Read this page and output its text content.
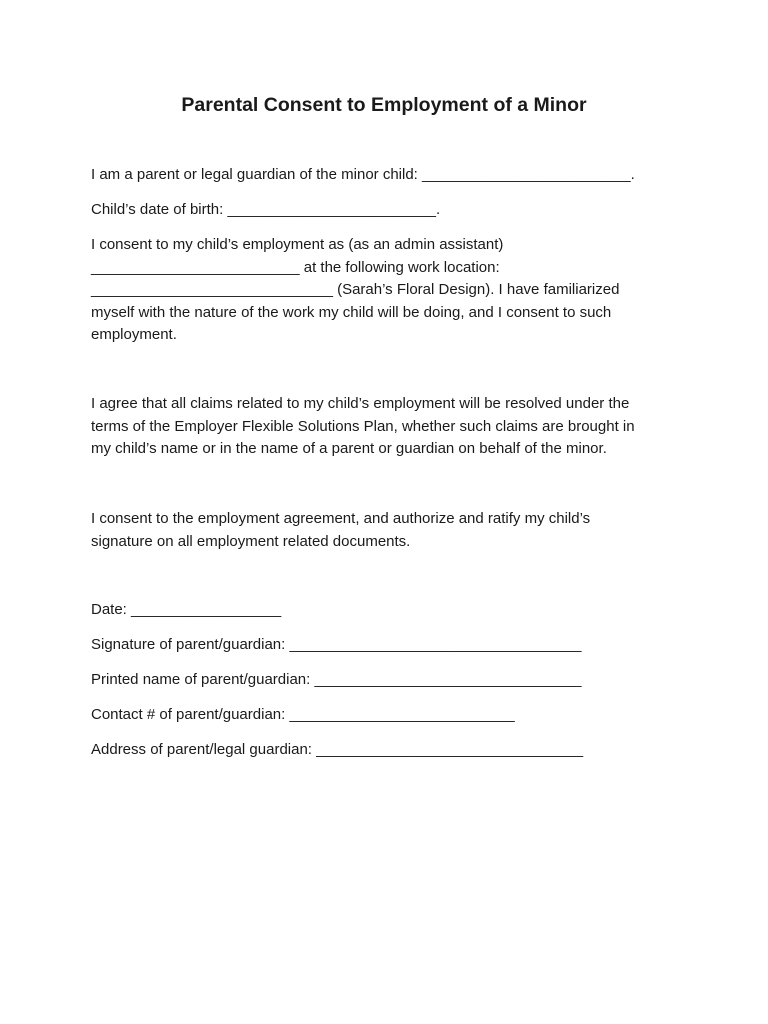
Parental Consent to Employment of a Minor

I am a parent or legal guardian of the minor child: _________________________.

Child’s date of birth: _________________________.

I consent to my child’s employment as (as an admin assistant)
_________________________ at the following work location:
_____________________________ (Sarah’s Floral Design). I have familiarized
myself with the nature of the work my child will be doing, and I consent to such
employment.

I agree that all claims related to my child’s employment will be resolved under the
terms of the Employer Flexible Solutions Plan, whether such claims are brought in
my child’s name or in the name of a parent or guardian on behalf of the minor.

I consent to the employment agreement, and authorize and ratify my child’s
signature on all employment related documents.

Date: __________________

Signature of parent/guardian: ___________________________________

Printed name of parent/guardian: ________________________________

Contact # of parent/guardian: ___________________________

Address of parent/legal guardian: ________________________________
